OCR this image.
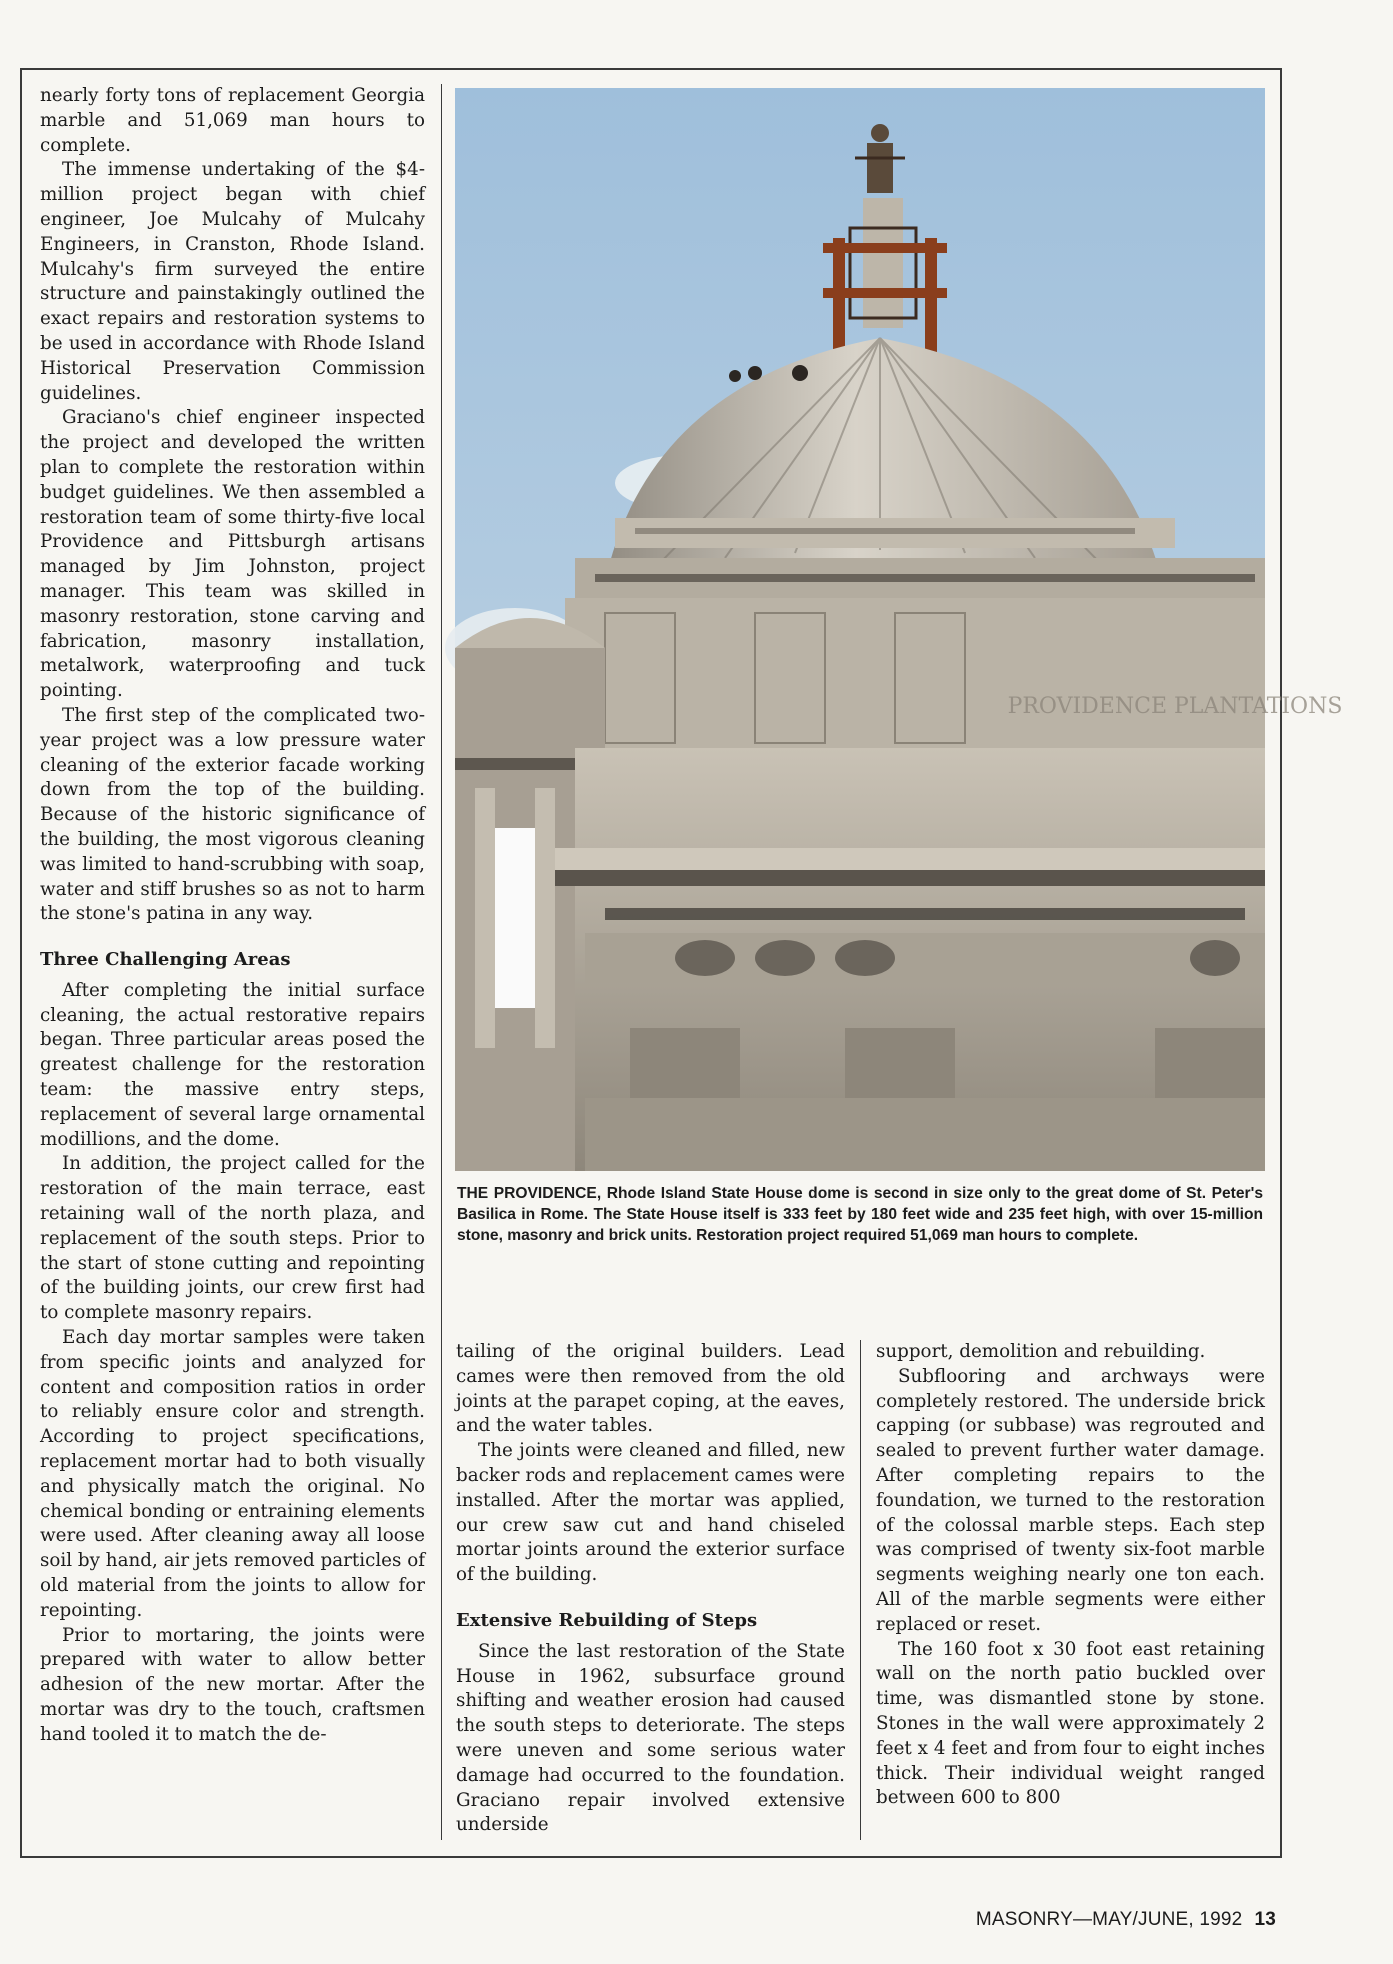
nearly forty tons of replacement Georgia marble and 51,069 man hours to complete.

The immense undertaking of the $4-million project began with chief engineer, Joe Mulcahy of Mulcahy Engineers, in Cranston, Rhode Island. Mulcahy's firm surveyed the entire structure and painstakingly outlined the exact repairs and restoration systems to be used in accordance with Rhode Island Historical Preservation Commission guidelines.

Graciano's chief engineer inspected the project and developed the written plan to complete the restoration within budget guidelines. We then assembled a restoration team of some thirty-five local Providence and Pittsburgh artisans managed by Jim Johnston, project manager. This team was skilled in masonry restoration, stone carving and fabrication, masonry installation, metalwork, waterproofing and tuck pointing.

The first step of the complicated two-year project was a low pressure water cleaning of the exterior facade working down from the top of the building. Because of the historic significance of the building, the most vigorous cleaning was limited to hand-scrubbing with soap, water and stiff brushes so as not to harm the stone's patina in any way.

Three Challenging Areas

After completing the initial surface cleaning, the actual restorative repairs began. Three particular areas posed the greatest challenge for the restoration team: the massive entry steps, replacement of several large ornamental modillions, and the dome.

In addition, the project called for the restoration of the main terrace, east retaining wall of the north plaza, and replacement of the south steps. Prior to the start of stone cutting and repointing of the building joints, our crew first had to complete masonry repairs.

Each day mortar samples were taken from specific joints and analyzed for content and composition ratios in order to reliably ensure color and strength. According to project specifications, replacement mortar had to both visually and physically match the original. No chemical bonding or entraining elements were used. After cleaning away all loose soil by hand, air jets removed particles of old material from the joints to allow for repointing.

Prior to mortaring, the joints were prepared with water to allow better adhesion of the new mortar. After the mortar was dry to the touch, craftsmen hand tooled it to match the de-

PROVIDENCE PLANTATIONS
THE PROVIDENCE, Rhode Island State House dome is second in size only to the great dome of St. Peter's Basilica in Rome. The State House itself is 333 feet by 180 feet wide and 235 feet high, with over 15-million stone, masonry and brick units. Restoration project required 51,069 man hours to complete.

tailing of the original builders. Lead cames were then removed from the old joints at the parapet coping, at the eaves, and the water tables.

The joints were cleaned and filled, new backer rods and replacement cames were installed. After the mortar was applied, our crew saw cut and hand chiseled mortar joints around the exterior surface of the building.

Extensive Rebuilding of Steps

Since the last restoration of the State House in 1962, subsurface ground shifting and weather erosion had caused the south steps to deteriorate. The steps were uneven and some serious water damage had occurred to the foundation. Graciano repair involved extensive underside

support, demolition and rebuilding.

Subflooring and archways were completely restored. The underside brick capping (or subbase) was regrouted and sealed to prevent further water damage. After completing repairs to the foundation, we turned to the restoration of the colossal marble steps. Each step was comprised of twenty six-foot marble segments weighing nearly one ton each. All of the marble segments were either replaced or reset.

The 160 foot x 30 foot east retaining wall on the north patio buckled over time, was dismantled stone by stone. Stones in the wall were approximately 2 feet x 4 feet and from four to eight inches thick. Their individual weight ranged between 600 to 800

MASONRY—MAY/JUNE, 1992 13
